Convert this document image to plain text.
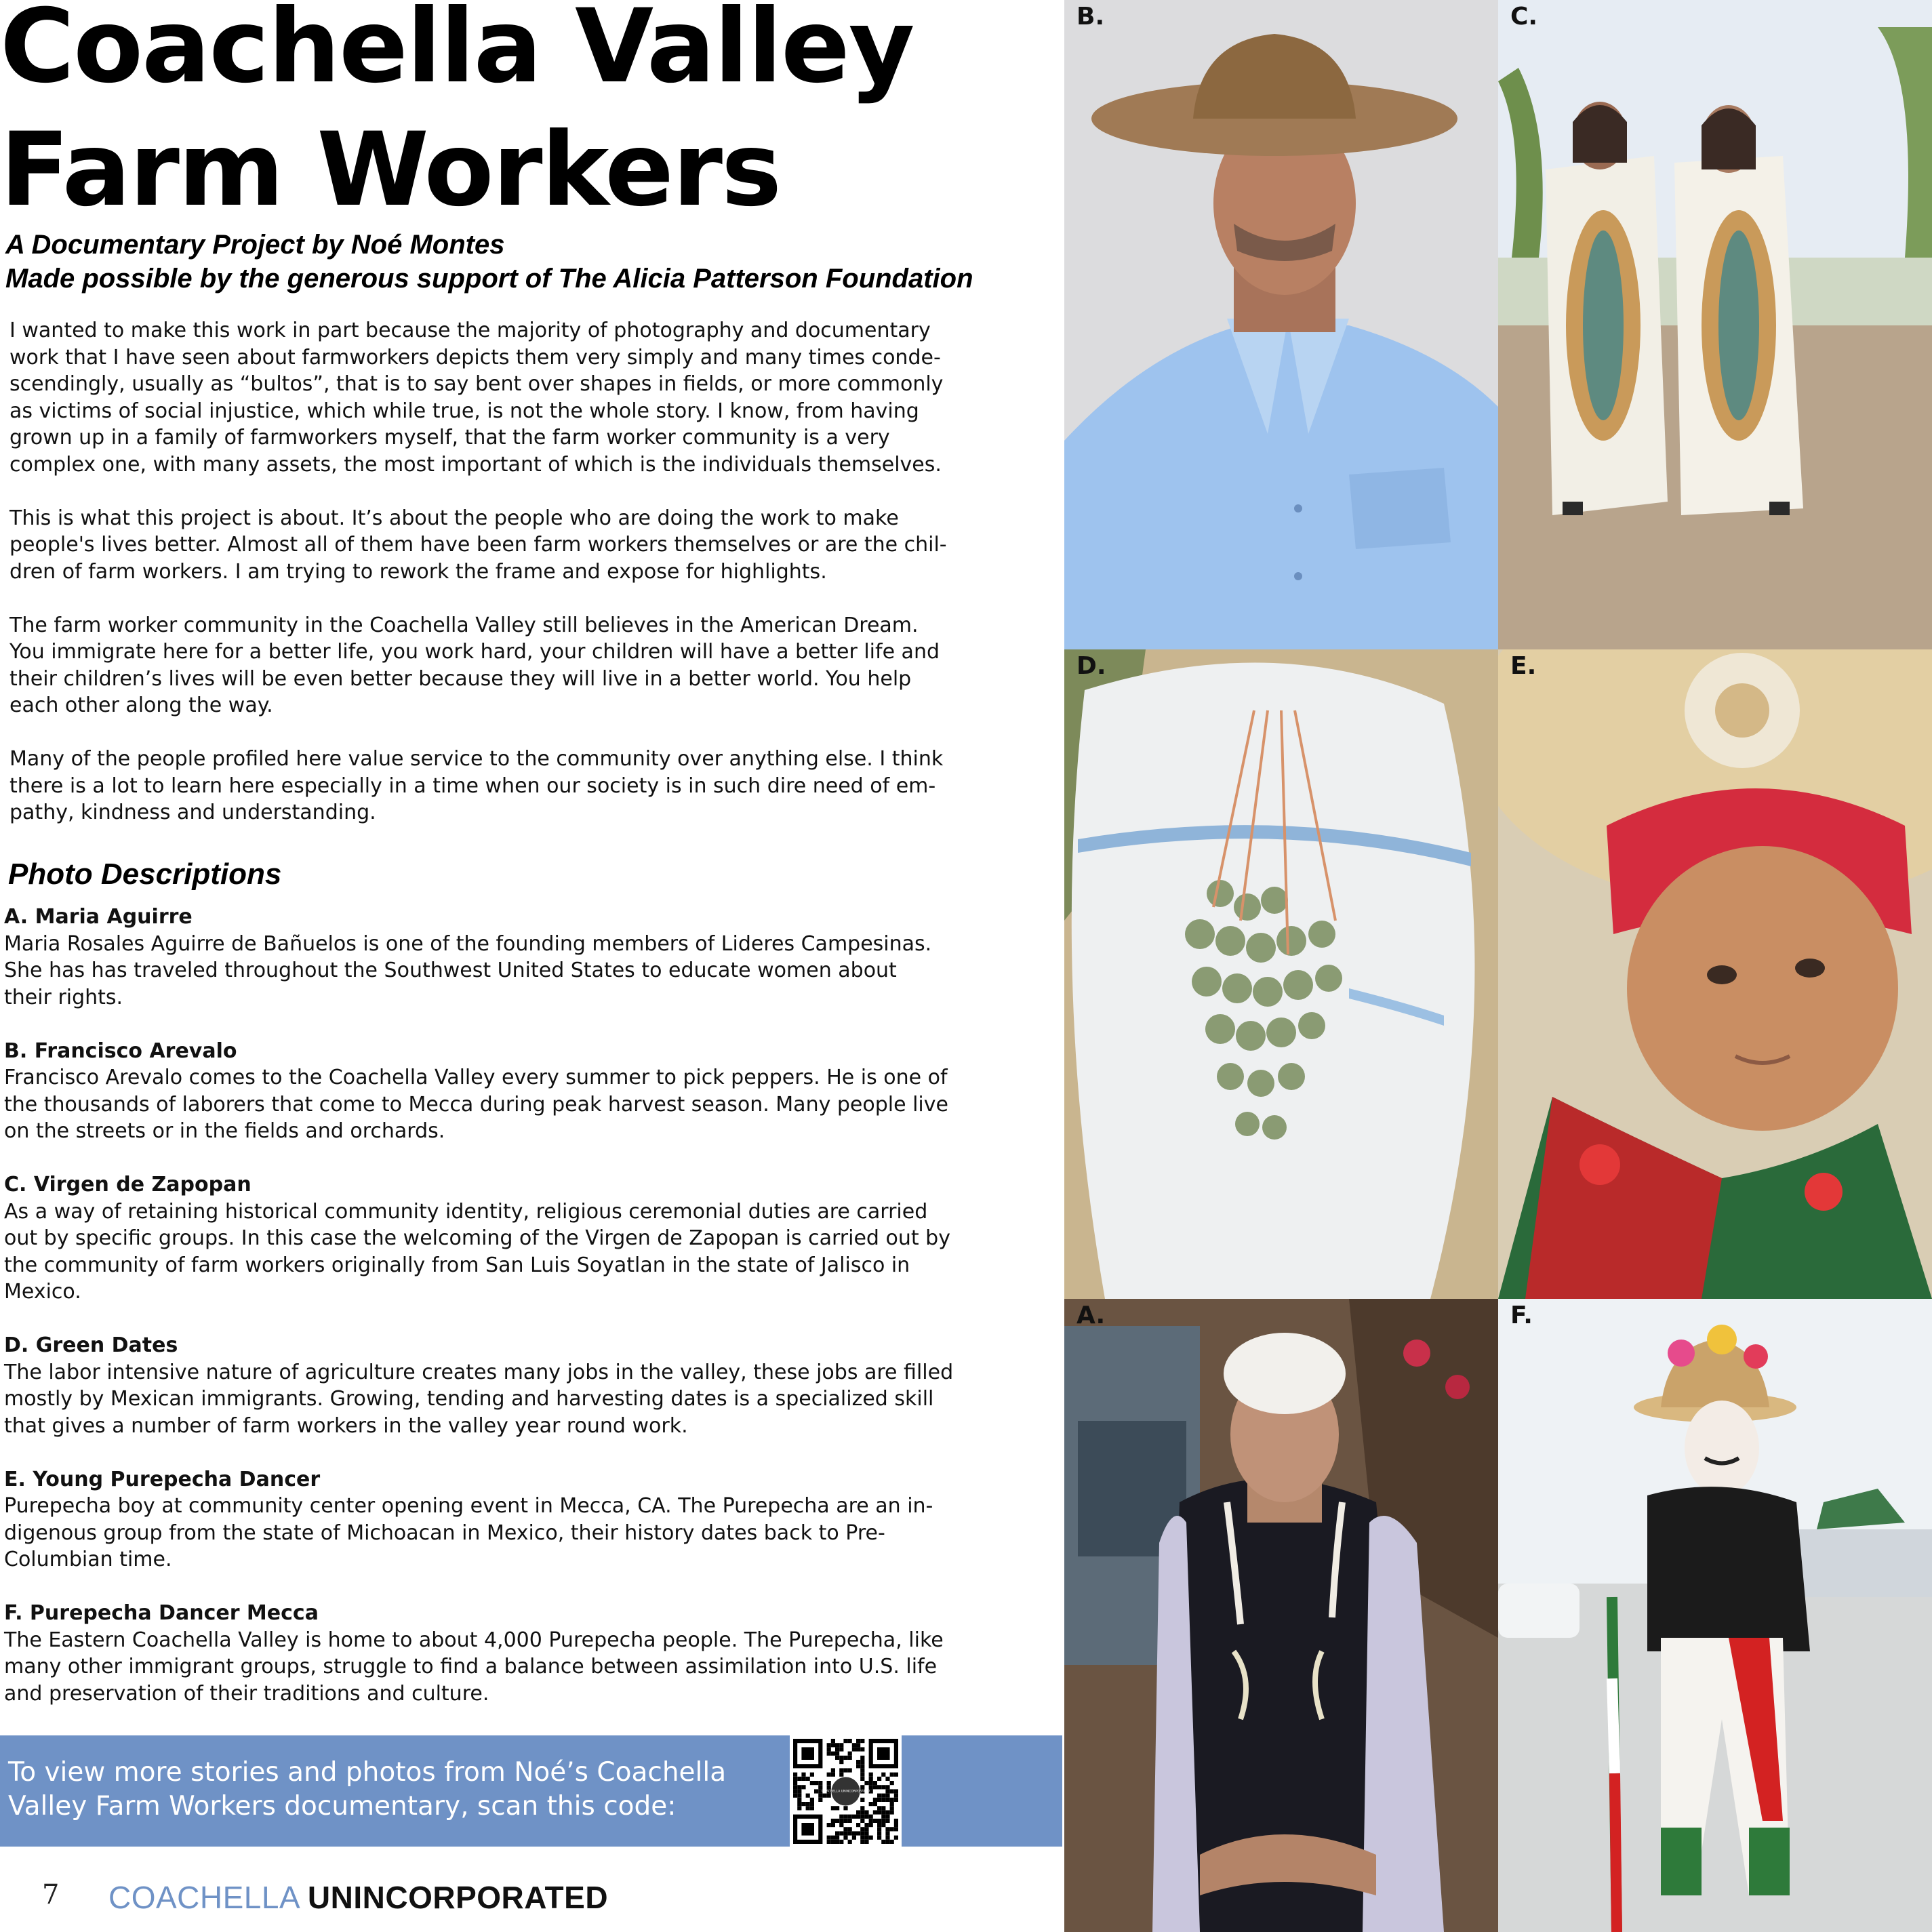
Coachella Valley
Farm Workers
A Documentary Project by Noé Montes
Made possible by the generous support of The Alicia Patterson Foundation

I wanted to make this work in part because the majority of photography and documentary
work that I have seen about farmworkers depicts them very simply and many times conde-
scendingly, usually as “bultos”, that is to say bent over shapes in fields, or more commonly
as victims of social injustice, which while true, is not the whole story. I know, from having
grown up in a family of farmworkers myself, that the farm worker community is a very
complex one, with many assets, the most important of which is the individuals themselves.

This is what this project is about. It’s about the people who are doing the work to make
people's lives better. Almost all of them have been farm workers themselves or are the chil-
dren of farm workers. I am trying to rework the frame and expose for highlights.

The farm worker community in the Coachella Valley still believes in the American Dream.
You immigrate here for a better life, you work hard, your children will have a better life and
their children’s lives will be even better because they will live in a better world. You help
each other along the way.

Many of the people profiled here value service to the community over anything else. I think
there is a lot to learn here especially in a time when our society is in such dire need of em-
pathy, kindness and understanding.

Photo Descriptions
A. Maria Aguirre
Maria Rosales Aguirre de Bañuelos is one of the founding members of Lideres Campesinas.
She has has traveled throughout the Southwest United States to educate women about
their rights.
B. Francisco Arevalo
Francisco Arevalo comes to the Coachella Valley every summer to pick peppers. He is one of
the thousands of laborers that come to Mecca during peak harvest season. Many people live
on the streets or in the fields and orchards.
C. Virgen de Zapopan
As a way of retaining historical community identity, religious ceremonial duties are carried
out by specific groups. In this case the welcoming of the Virgen de Zapopan is carried out by
the community of farm workers originally from San Luis Soyatlan in the state of Jalisco in
Mexico.
D. Green Dates
The labor intensive nature of agriculture creates many jobs in the valley, these jobs are filled
mostly by Mexican immigrants. Growing, tending and harvesting dates is a specialized skill
that gives a number of farm workers in the valley year round work.
E. Young Purepecha Dancer
Purepecha boy at community center opening event in Mecca, CA. The Purepecha are an in-
digenous group from the state of Michoacan in Mexico, their history dates back to Pre-
Columbian time.
F. Purepecha Dancer Mecca
The Eastern Coachella Valley is home to about 4,000 Purepecha people. The Purepecha, like
many other immigrant groups, struggle to find a balance between assimilation into U.S. life
and preservation of their traditions and culture.
To view more stories and photos from Noé’s Coachella
Valley Farm Workers documentary, scan this code:	COACHELLA UNINCORPORATED
7 COACHELLA UNINCORPORATED
B.	C.
D.	E.
A.	F.
